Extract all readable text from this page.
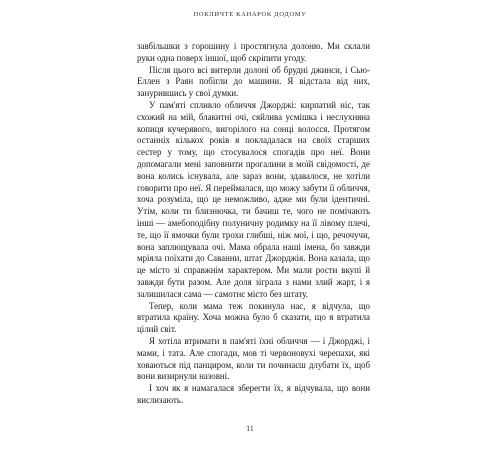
ПОКЛИЧТЕ КАНАРОК ДОДОМУ

завбільшки з горошину і простягнула долоню. Ми склали руки одна поверх іншої, щоб скріпити угоду.

Після цього всі витерли долоні об брудні джинси, і Сью-Еллен з Раян побігли до машини. Я відстала від них, занурившись у свої думки.

У пам'яті спливло обличчя Джорджі: кирпатий ніс, так схожий на мій, блакитні очі, сяйлива усмішка і неслухняна копиця кучерявого, вигорілого на сонці волосся. Протягом останніх кількох років я покладалася на своїх старших сестер у тому, що стосувалося спогадів про неї. Вони допомагали мені заповнити прогалини в моїй свідомості, де вона колись існувала, але зараз вони, здавалося, не хотіли говорити про неї. Я переймалася, що можу забути її обличчя, хоча розуміла, що це неможливо, адже ми були ідентичні. Утім, коли ти близнючка, ти бачиш те, чого не помічають інші — амебоподібну полуничну родимку на її лівому плечі, те, що її ямочки були трохи глибші, ніж мої, і що, речочучи, вона заплющувала очі. Мама обрала наші імена, бо завжди мріяла поїхати до Саванни, штат Джорджія. Вона казала, що це місто зі справжнім характером. Ми мали рости вкупі й завжди бути разом. Але доля зіграла з нами злий жарт, і я залишилася сама — самотнє місто без штату.

Тепер, коли мама теж покинула нас, я відчула, що втратила країну. Хоча можна було б сказати, що я втратила цілий світ.

Я хотіла втримати в пам'яті їхні обличчя — і Джорджі, і мами, і тата. Але спогади, мов ті червоновухі черепахи, які ховаються під панциром, коли ти починаєш длубати їх, щоб вони визирнули назовні.

І хоч як я намагалася зберегти їх, я відчувала, що вони вислизають.

11
